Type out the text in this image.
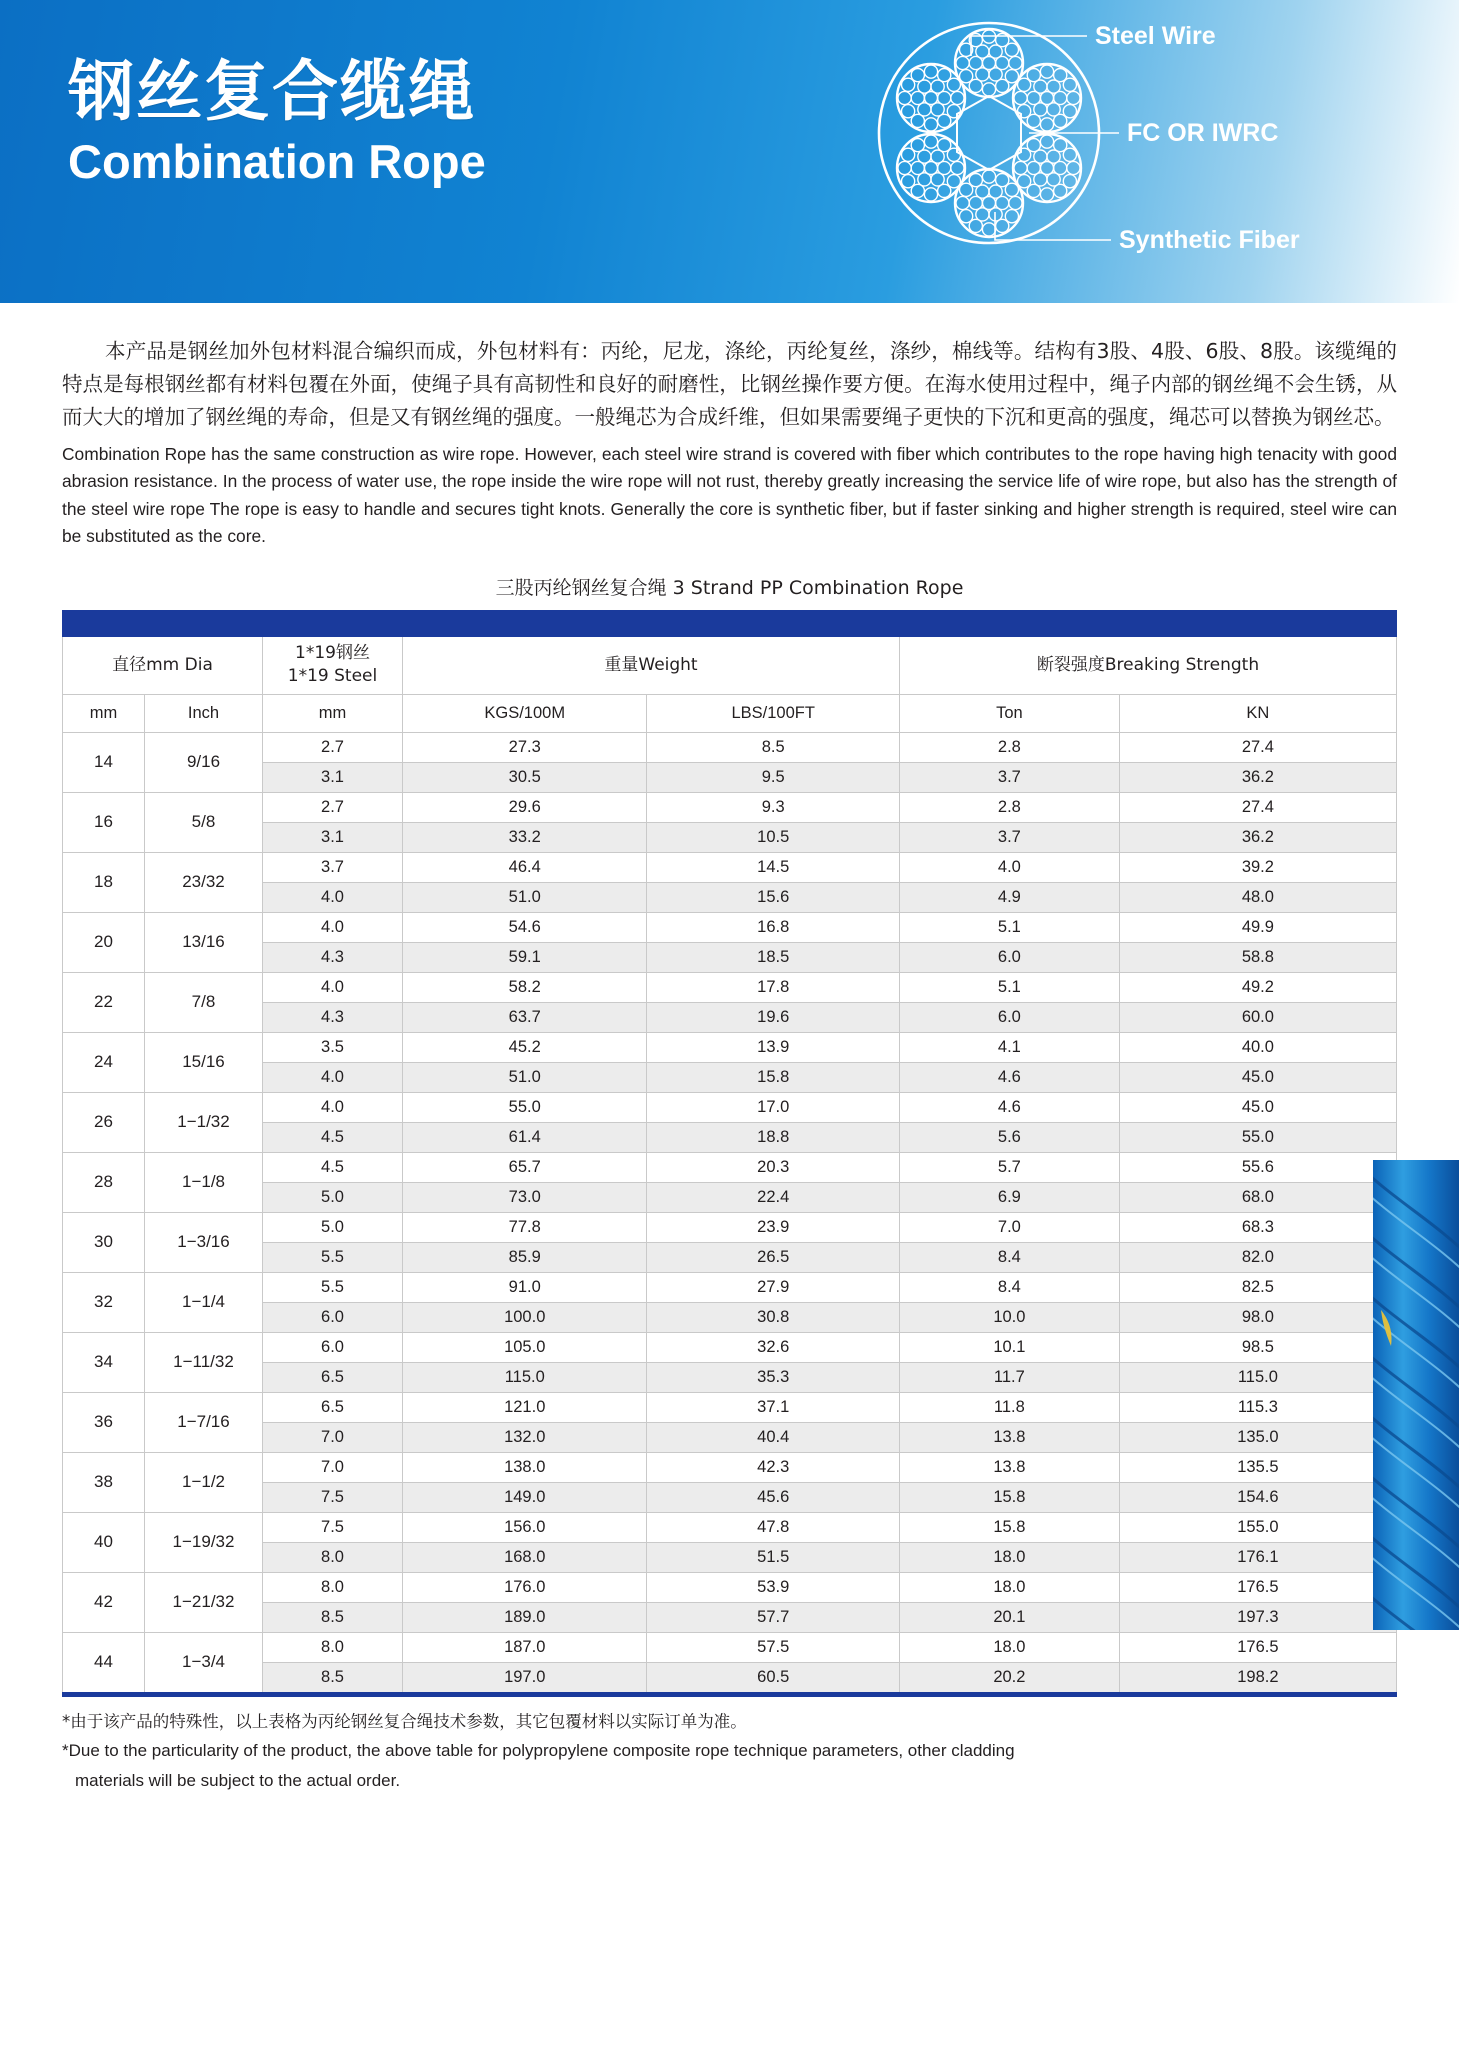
钢丝复合缆绳
Combination Rope
Steel Wire
FC OR IWRC
Synthetic Fiber

本产品是钢丝加外包材料混合编织而成，外包材料有：丙纶，尼龙，涤纶，丙纶复丝，涤纱，棉线等。结构有3股、4股、6股、8股。该缆绳的特点是每根钢丝都有材料包覆在外面，使绳子具有高韧性和良好的耐磨性，比钢丝操作要方便。在海水使用过程中，绳子内部的钢丝绳不会生锈，从而大大的增加了钢丝绳的寿命，但是又有钢丝绳的强度。一般绳芯为合成纤维，但如果需要绳子更快的下沉和更高的强度，绳芯可以替换为钢丝芯。

Combination Rope has the same construction as wire rope. However, each steel wire strand is covered with fiber which contributes to the rope having high tenacity with good abrasion resistance. In the process of water use, the rope inside the wire rope will not rust, thereby greatly increasing the service life of wire rope, but also has the strength of the steel wire rope The rope is easy to handle and secures tight knots. Generally the core is synthetic fiber, but if faster sinking and higher strength is required, steel wire can be substituted as the core.

三股丙纶钢丝复合绳 3 Strand PP Combination Rope

直径mm Dia		1*19钢丝
1*19 Steel	重量Weight		断裂强度Breaking Strength	
mm	Inch	mm	KGS/100M	LBS/100FT	Ton	KN
14	9/16	2.7	27.3	8.5	2.8	27.4
		3.1	30.5	9.5	3.7	36.2
16	5/8	2.7	29.6	9.3	2.8	27.4
		3.1	33.2	10.5	3.7	36.2
18	23/32	3.7	46.4	14.5	4.0	39.2
		4.0	51.0	15.6	4.9	48.0
20	13/16	4.0	54.6	16.8	5.1	49.9
		4.3	59.1	18.5	6.0	58.8
22	7/8	4.0	58.2	17.8	5.1	49.2
		4.3	63.7	19.6	6.0	60.0
24	15/16	3.5	45.2	13.9	4.1	40.0
		4.0	51.0	15.8	4.6	45.0
26	1−1/32	4.0	55.0	17.0	4.6	45.0
		4.5	61.4	18.8	5.6	55.0
28	1−1/8	4.5	65.7	20.3	5.7	55.6
		5.0	73.0	22.4	6.9	68.0
30	1−3/16	5.0	77.8	23.9	7.0	68.3
		5.5	85.9	26.5	8.4	82.0
32	1−1/4	5.5	91.0	27.9	8.4	82.5
		6.0	100.0	30.8	10.0	98.0
34	1−11/32	6.0	105.0	32.6	10.1	98.5
		6.5	115.0	35.3	11.7	115.0
36	1−7/16	6.5	121.0	37.1	11.8	115.3
		7.0	132.0	40.4	13.8	135.0
38	1−1/2	7.0	138.0	42.3	13.8	135.5
		7.5	149.0	45.6	15.8	154.6
40	1−19/32	7.5	156.0	47.8	15.8	155.0
		8.0	168.0	51.5	18.0	176.1
42	1−21/32	8.0	176.0	53.9	18.0	176.5
		8.5	189.0	57.7	20.1	197.3
44	1−3/4	8.0	187.0	57.5	18.0	176.5
		8.5	197.0	60.5	20.2	198.2

*由于该产品的特殊性，以上表格为丙纶钢丝复合绳技术参数，其它包覆材料以实际订单为准。

*Due to the particularity of the product, the above table for polypropylene composite rope technique parameters, other cladding

materials will be subject to the actual order.
